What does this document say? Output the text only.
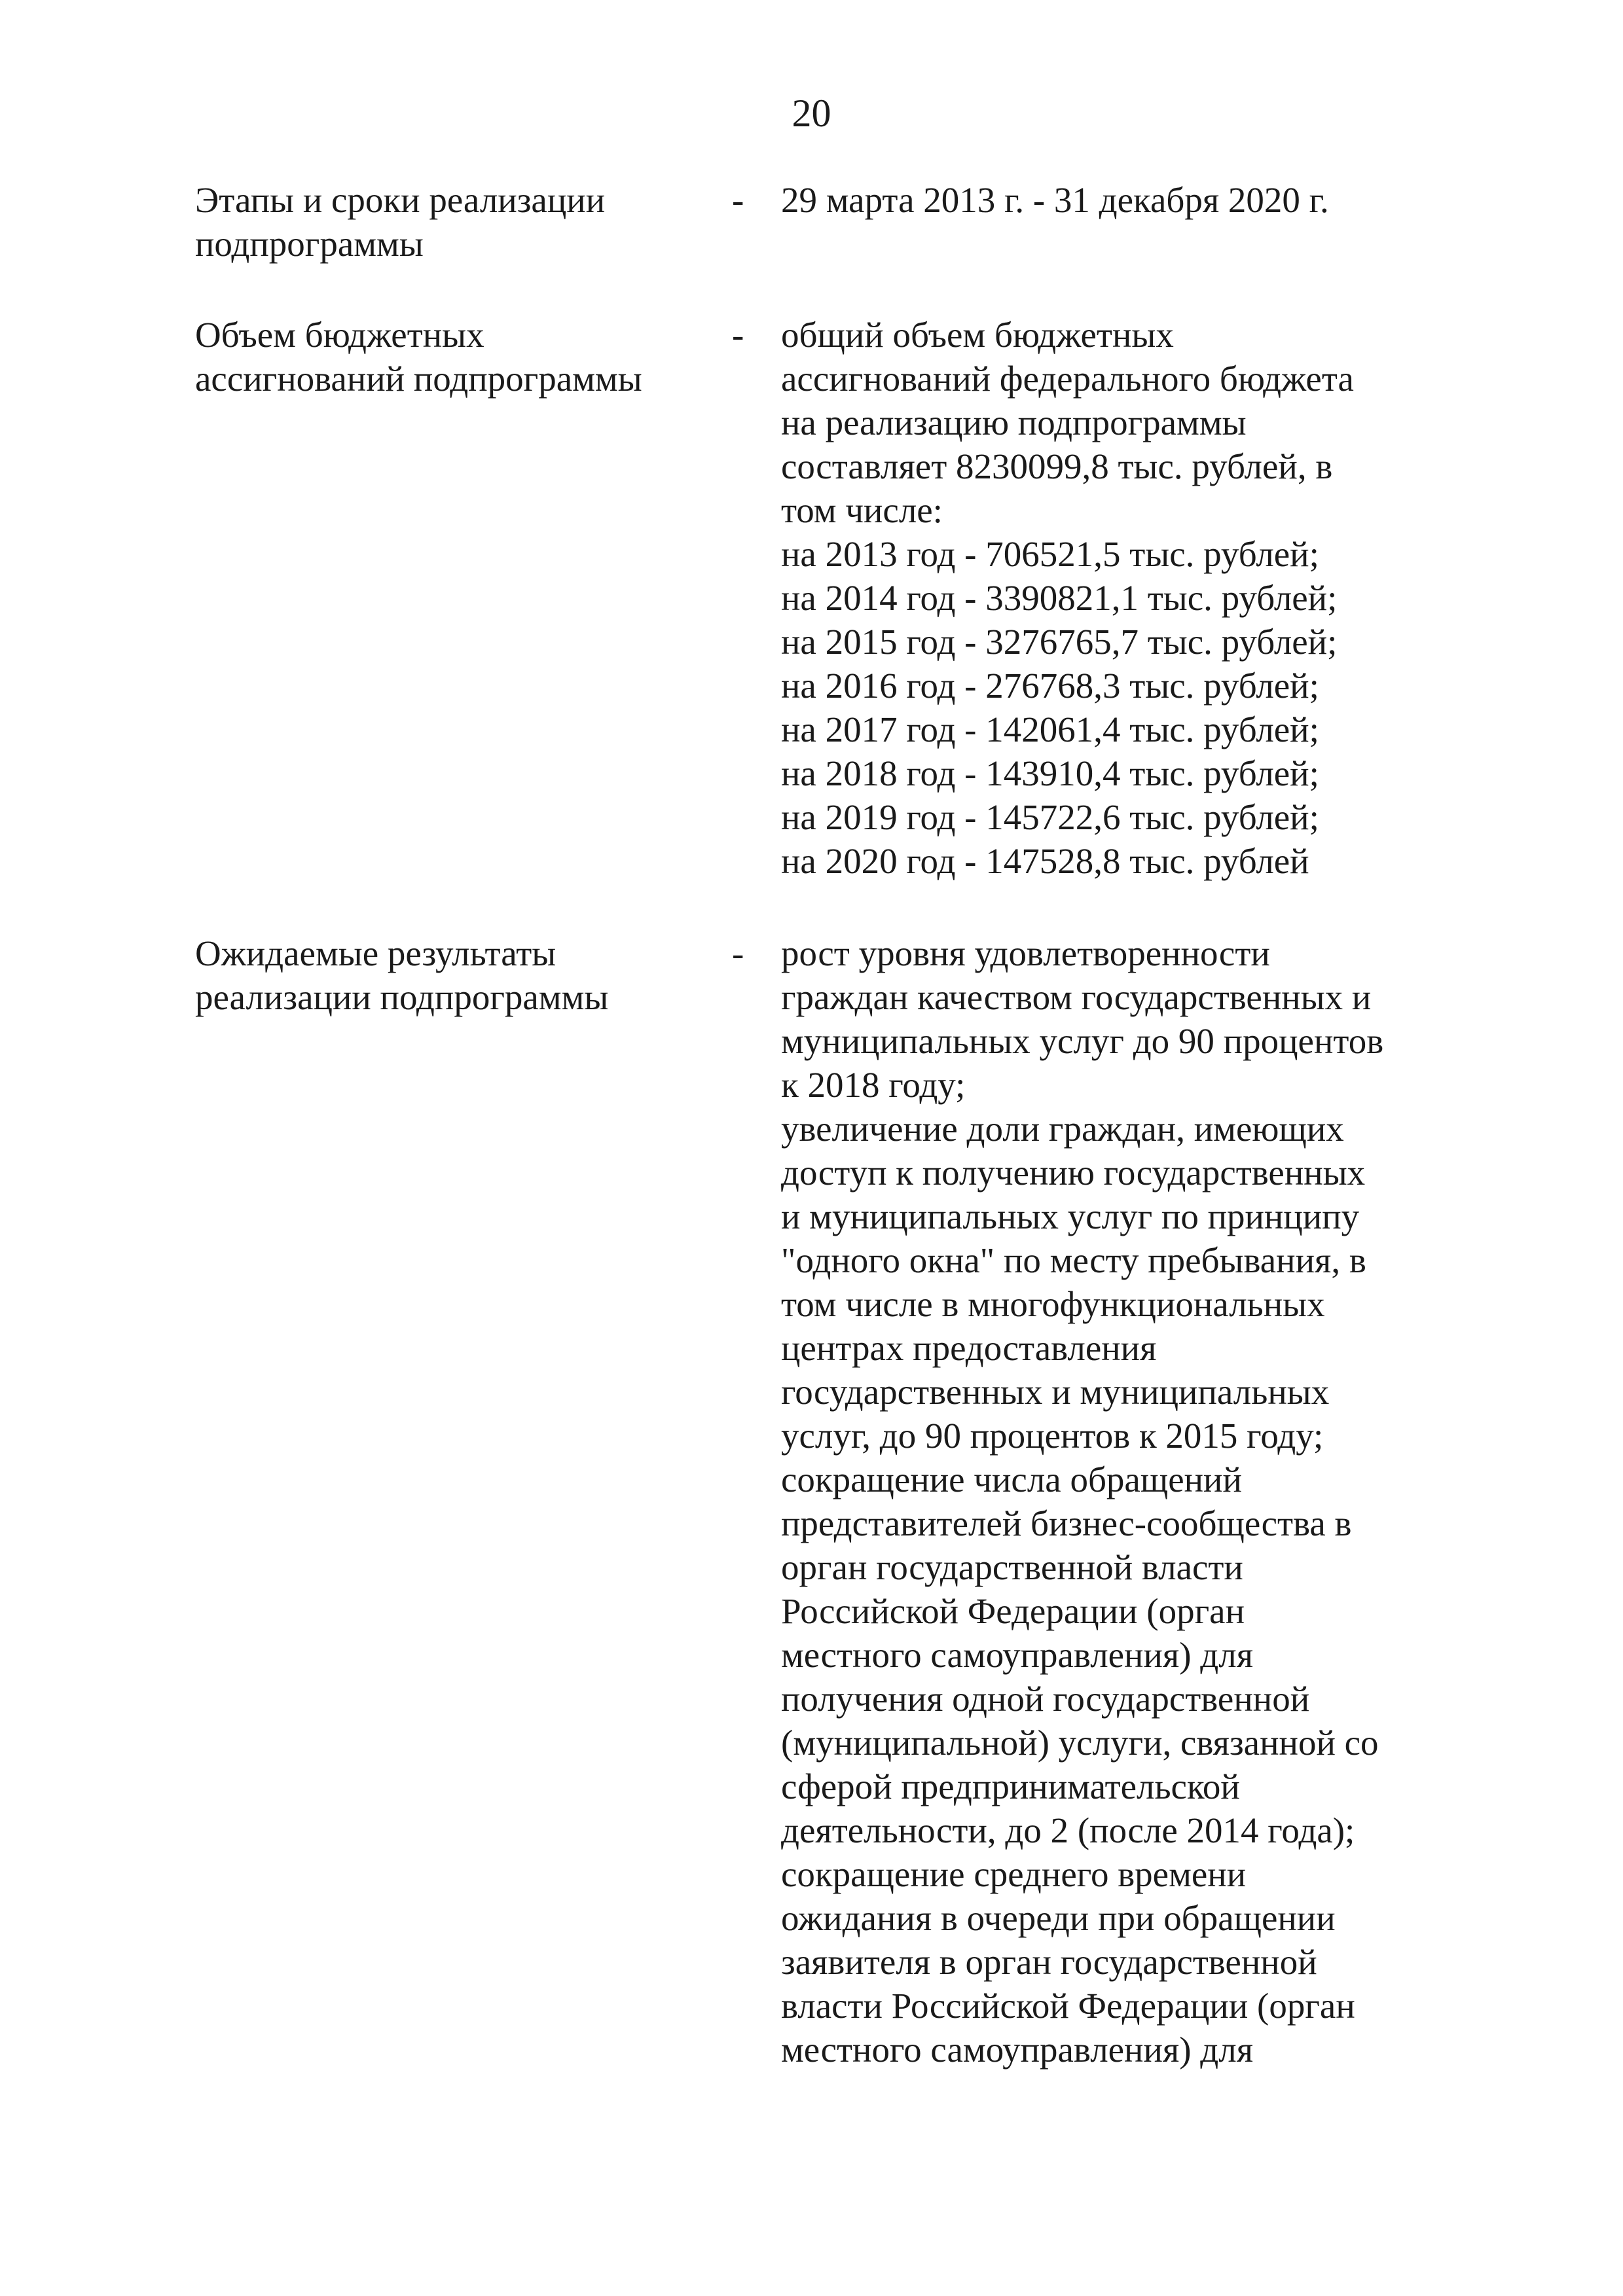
20
Этапы и сроки реализации
подпрограммы
- 29 марта 2013 г. - 31 декабря 2020 г.
Объем бюджетных
ассигнований подпрограммы
- общий объем бюджетных
ассигнований федерального бюджета
на реализацию подпрограммы
составляет 8230099,8 тыс. рублей, в
том числе:
на 2013 год - 706521,5 тыс. рублей;
на 2014 год - 3390821,1 тыс. рублей;
на 2015 год - 3276765,7 тыс. рублей;
на 2016 год - 276768,3 тыс. рублей;
на 2017 год - 142061,4 тыс. рублей;
на 2018 год - 143910,4 тыс. рублей;
на 2019 год - 145722,6 тыс. рублей;
на 2020 год - 147528,8 тыс. рублей
Ожидаемые результаты
реализации подпрограммы
- рост уровня удовлетворенности
граждан качеством государственных и
муниципальных услуг до 90 процентов
к 2018 году;
увеличение доли граждан, имеющих
доступ к получению государственных
и муниципальных услуг по принципу
"одного окна" по месту пребывания, в
том числе в многофункциональных
центрах предоставления
государственных и муниципальных
услуг, до 90 процентов к 2015 году;
сокращение числа обращений
представителей бизнес-сообщества в
орган государственной власти
Российской Федерации (орган
местного самоуправления) для
получения одной государственной
(муниципальной) услуги, связанной со
сферой предпринимательской
деятельности, до 2 (после 2014 года);
сокращение среднего времени
ожидания в очереди при обращении
заявителя в орган государственной
власти Российской Федерации (орган
местного самоуправления) для
